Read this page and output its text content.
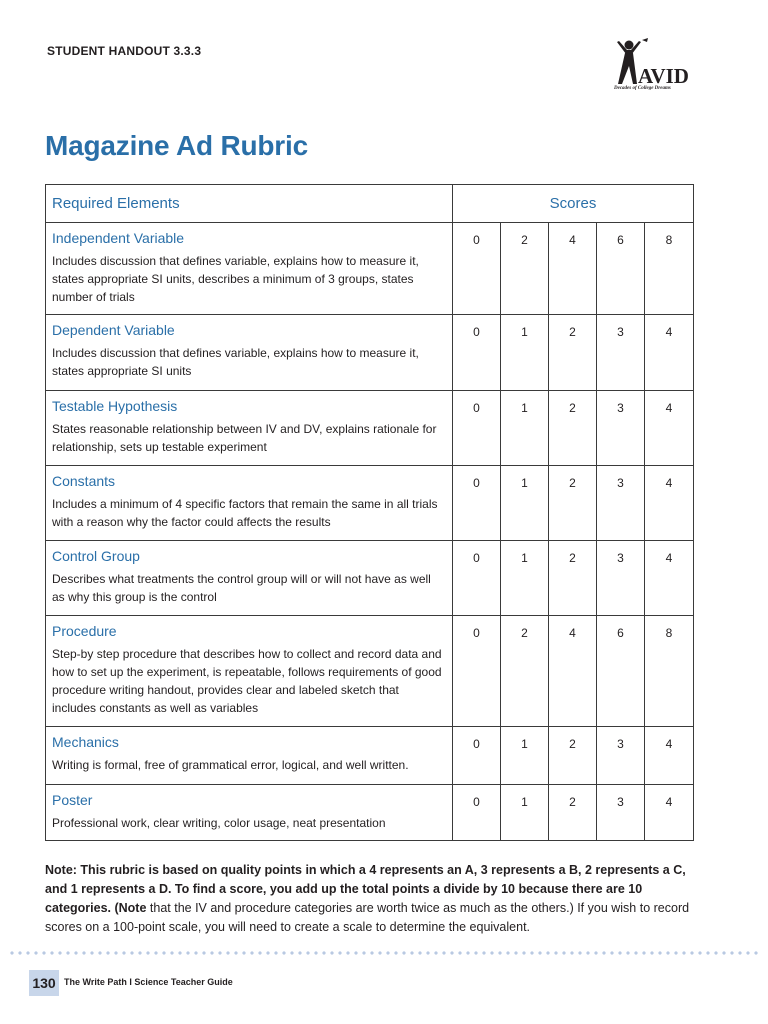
STUDENT HANDOUT 3.3.3
AVID
Decades of College Dreams
Magazine Ad Rubric
Required Elements	Scores				

Independent Variable
Includes discussion that defines variable, explains how to measure it, states appropriate SI units, describes a minimum of 3 groups, states number of trials	0	2	4	6	8

Dependent Variable
Includes discussion that defines variable, explains how to measure it, states appropriate SI units	0	1	2	3	4

Testable Hypothesis
States reasonable relationship between IV and DV, explains rationale for relationship, sets up testable experiment	0	1	2	3	4

Constants
Includes a minimum of 4 specific factors that remain the same in all trials with a reason why the factor could affects the results	0	1	2	3	4

Control Group
Describes what treatments the control group will or will not have as well as why this group is the control	0	1	2	3	4

Procedure
Step-by step procedure that describes how to collect and record data and how to set up the experiment, is repeatable, follows requirements of good procedure writing handout, provides clear and labeled sketch that includes constants as well as variables	0	2	4	6	8

Mechanics
Writing is formal, free of grammatical error, logical, and well written.	0	1	2	3	4

Poster
Professional work, clear writing, color usage, neat presentation	0	1	2	3	4
Note: This rubric is based on quality points in which a 4 represents an A, 3 represents a B, 2 represents a C, and 1 represents a D. To find a score, you add up the total points a divide by 10 because there are 10 categories. (Note that the IV and procedure categories are worth twice as much as the others.) If you wish to record scores on a 100-point scale, you will need to create a scale to determine the equivalent.
130 The Write Path I Science Teacher Guide
